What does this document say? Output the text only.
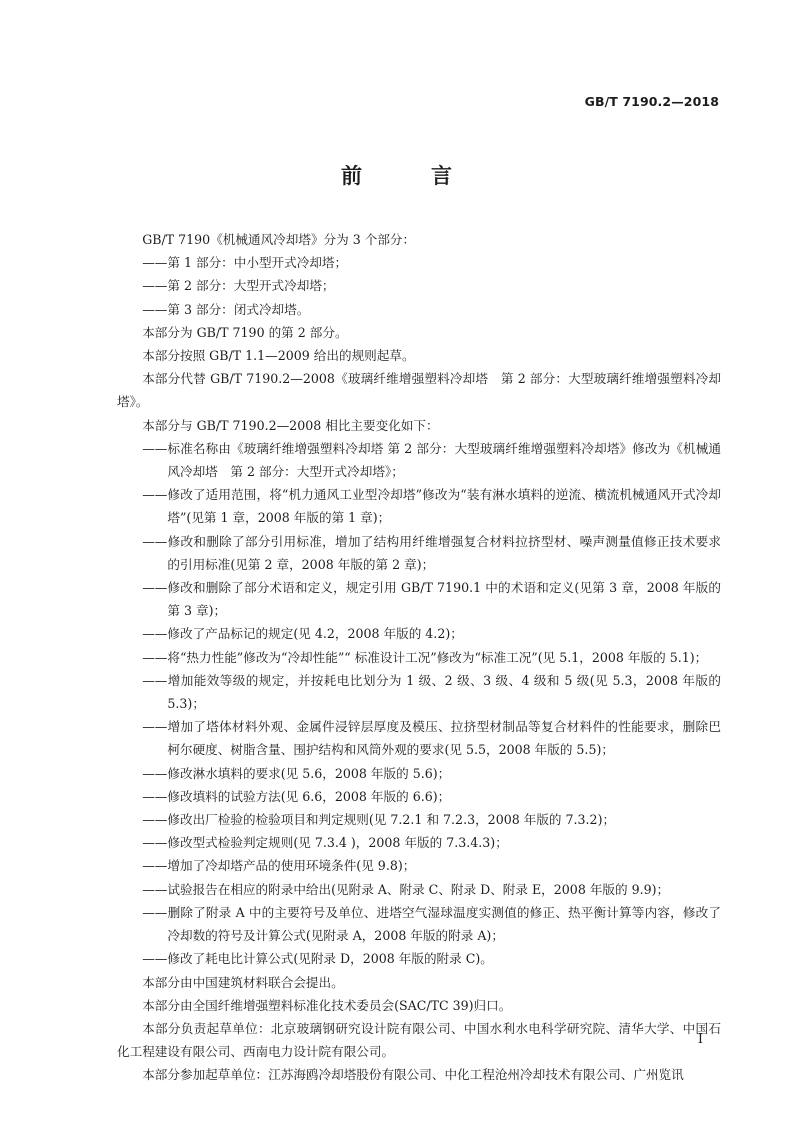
GB/T 7190.2—2018
前　言

GB/T 7190《机械通风冷却塔》分为 3 个部分：

——第 1 部分：中小型开式冷却塔；

——第 2 部分：大型开式冷却塔；

——第 3 部分：闭式冷却塔。

本部分为 GB/T 7190 的第 2 部分。

本部分按照 GB/T 1.1—2009 给出的规则起草。

本部分代替 GB/T 7190.2—2008《玻璃纤维增强塑料冷却塔　第 2 部分：大型玻璃纤维增强塑料冷却塔》。

本部分与 GB/T 7190.2—2008 相比主要变化如下：

——标准名称由《玻璃纤维增强塑料冷却塔 第 2 部分：大型玻璃纤维增强塑料冷却塔》修改为《机械通风冷却塔　第 2 部分：大型开式冷却塔》；

——修改了适用范围，将“机力通风工业型冷却塔”修改为“装有淋水填料的逆流、横流机械通风开式冷却塔”(见第 1 章，2008 年版的第 1 章)；

——修改和删除了部分引用标准，增加了结构用纤维增强复合材料拉挤型材、噪声测量值修正技术要求的引用标准(见第 2 章，2008 年版的第 2 章)；

——修改和删除了部分术语和定义，规定引用 GB/T 7190.1 中的术语和定义(见第 3 章，2008 年版的第 3 章)；

——修改了产品标记的规定(见 4.2，2008 年版的 4.2)；

——将“热力性能”修改为“冷却性能”“ 标准设计工况”修改为“标准工况”(见 5.1，2008 年版的 5.1)；

——增加能效等级的规定，并按耗电比划分为 1 级、2 级、3 级、4 级和 5 级(见 5.3，2008 年版的 5.3)；

——增加了塔体材料外观、金属件浸锌层厚度及模压、拉挤型材制品等复合材料件的性能要求，删除巴柯尔硬度、树脂含量、围护结构和风筒外观的要求(见 5.5，2008 年版的 5.5)；

——修改淋水填料的要求(见 5.6，2008 年版的 5.6)；

——修改填料的试验方法(见 6.6，2008 年版的 6.6)；

——修改出厂检验的检验项目和判定规则(见 7.2.1 和 7.2.3，2008 年版的 7.3.2)；

——修改型式检验判定规则(见 7.3.4 )，2008 年版的 7.3.4.3)；

——增加了冷却塔产品的使用环境条件(见 9.8)；

——试验报告在相应的附录中给出(见附录 A、附录 C、附录 D、附录 E，2008 年版的 9.9)；

——删除了附录 A 中的主要符号及单位、进塔空气湿球温度实测值的修正、热平衡计算等内容，修改了冷却数的符号及计算公式(见附录 A，2008 年版的附录 A)；

——修改了耗电比计算公式(见附录 D，2008 年版的附录 C)。

本部分由中国建筑材料联合会提出。

本部分由全国纤维增强塑料标准化技术委员会(SAC/TC 39)归口。

本部分负责起草单位：北京玻璃钢研究设计院有限公司、中国水利水电科学研究院、清华大学、中国石化工程建设有限公司、西南电力设计院有限公司。

本部分参加起草单位：江苏海鸥冷却塔股份有限公司、中化工程沧州冷却技术有限公司、广州览讯

I
